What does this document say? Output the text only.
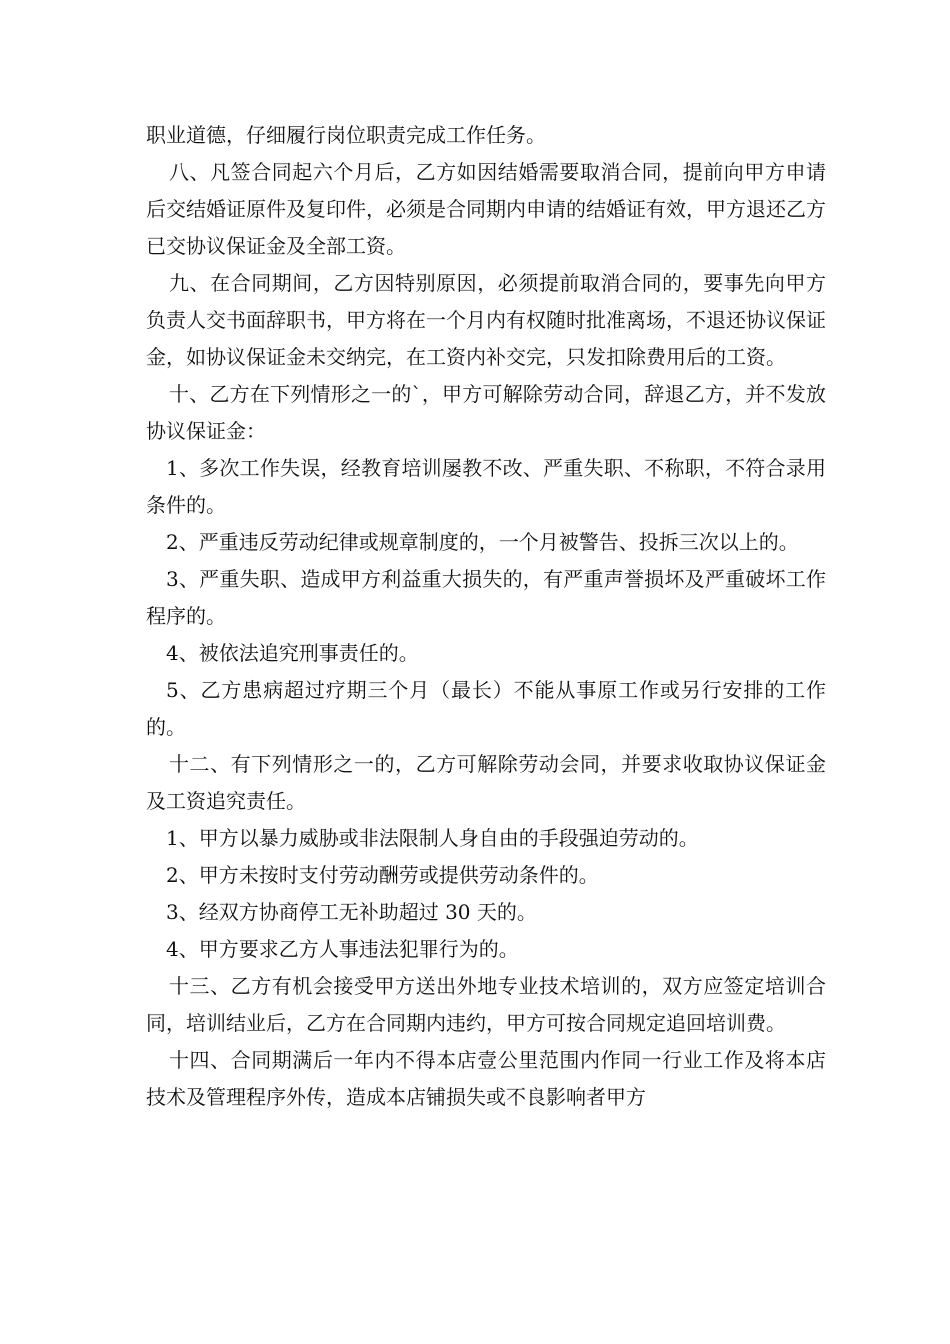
职业道德，仔细履行岗位职责完成工作任务。

八、凡签合同起六个月后，乙方如因结婚需要取消合同，提前向甲方申请后交结婚证原件及复印件，必须是合同期内申请的结婚证有效，甲方退还乙方已交协议保证金及全部工资。

九、在合同期间，乙方因特别原因，必须提前取消合同的，要事先向甲方负责人交书面辞职书，甲方将在一个月内有权随时批准离场，不退还协议保证金，如协议保证金未交纳完，在工资内补交完，只发扣除费用后的工资。

十、乙方在下列情形之一的`，甲方可解除劳动合同，辞退乙方，并不发放协议保证金：

1、多次工作失误，经教育培训屡教不改、严重失职、不称职，不符合录用条件的。

2、严重违反劳动纪律或规章制度的，一个月被警告、投拆三次以上的。

3、严重失职、造成甲方利益重大损失的，有严重声誉损坏及严重破坏工作程序的。

4、被依法追究刑事责任的。

5、乙方患病超过疗期三个月（最长）不能从事原工作或另行安排的工作的。

十二、有下列情形之一的，乙方可解除劳动会同，并要求收取协议保证金及工资追究责任。

1、甲方以暴力威胁或非法限制人身自由的手段强迫劳动的。

2、甲方未按时支付劳动酬劳或提供劳动条件的。

3、经双方协商停工无补助超过 30 天的。

4、甲方要求乙方人事违法犯罪行为的。

十三、乙方有机会接受甲方送出外地专业技术培训的，双方应签定培训合同，培训结业后，乙方在合同期内违约，甲方可按合同规定追回培训费。

十四、合同期满后一年内不得本店壹公里范围内作同一行业工作及将本店技术及管理程序外传，造成本店铺损失或不良影响者甲方
